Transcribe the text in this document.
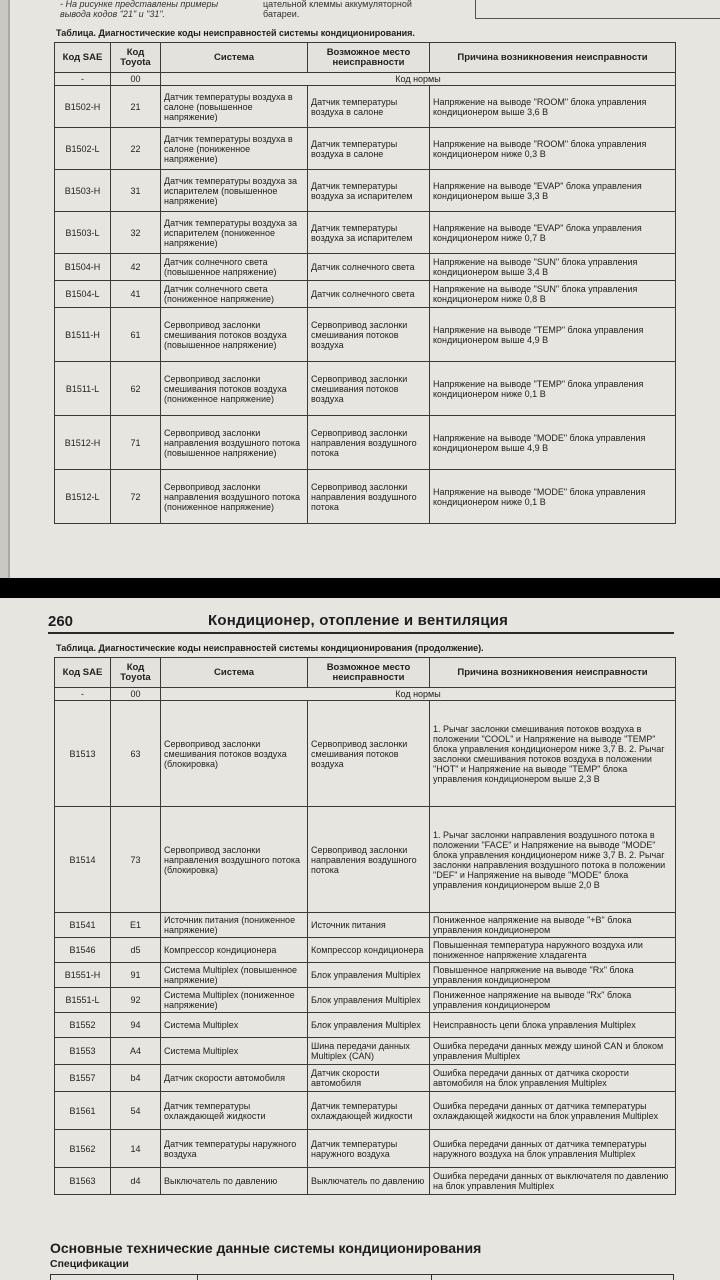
- На рисунке представлены примеры
вывода кодов "21" и "31".
цательной клеммы аккумуляторной
батареи.
Таблица. Диагностические коды неисправностей системы кондиционирования.
Код SAE	Код Toyota	Система	Возможное место неисправности	Причина возникновения неисправности
-	00	Код нормы		
B1502-H	21	Датчик температуры воздуха в салоне (повышенное напряжение)	Датчик температуры воздуха в салоне	Напряжение на выводе "ROOM" блока управления кондиционером выше 3,6 В
B1502-L	22	Датчик температуры воздуха в салоне (пониженное напряжение)	Датчик температуры воздуха в салоне	Напряжение на выводе "ROOM" блока управления кондиционером ниже 0,3 В
B1503-H	31	Датчик температуры воздуха за испарителем (повышенное напряжение)	Датчик температуры воздуха за испарителем	Напряжение на выводе "EVAP" блока управления кондиционером выше 3,3 В
B1503-L	32	Датчик температуры воздуха за испарителем (пониженное напряжение)	Датчик температуры воздуха за испарителем	Напряжение на выводе "EVAP" блока управления кондиционером ниже 0,7 В
B1504-H	42	Датчик солнечного света (повышенное напряжение)	Датчик солнечного света	Напряжение на выводе "SUN" блока управления кондиционером выше 3,4 В
B1504-L	41	Датчик солнечного света (пониженное напряжение)	Датчик солнечного света	Напряжение на выводе "SUN" блока управления кондиционером ниже 0,8 В
B1511-H	61	Сервопривод заслонки смешивания потоков воздуха (повышенное напряжение)	Сервопривод заслонки смешивания потоков воздуха	Напряжение на выводе "TEMP" блока управления кондиционером выше 4,9 В
B1511-L	62	Сервопривод заслонки смешивания потоков воздуха (пониженное напряжение)	Сервопривод заслонки смешивания потоков воздуха	Напряжение на выводе "TEMP" блока управления кондиционером ниже 0,1 В
B1512-H	71	Сервопривод заслонки направления воздушного потока (повышенное напряжение)	Сервопривод заслонки направления воздушного потока	Напряжение на выводе "MODE" блока управления кондиционером выше 4,9 В
B1512-L	72	Сервопривод заслонки направления воздушного потока (пониженное напряжение)	Сервопривод заслонки направления воздушного потока	Напряжение на выводе "MODE" блока управления кондиционером ниже 0,1 В
260	Кондиционер, отопление и вентиляция
Таблица. Диагностические коды неисправностей системы кондиционирования (продолжение).
Код SAE	Код Toyota	Система	Возможное место неисправности	Причина возникновения неисправности
-	00	Код нормы		
B1513	63	Сервопривод заслонки смешивания потоков воздуха (блокировка)	Сервопривод заслонки смешивания потоков воздуха	1. Рычаг заслонки смешивания потоков воздуха в положении "COOL" и Напряжение на выводе "TEMP" блока управления кондиционером ниже 3,7 В. 2. Рычаг заслонки смешивания потоков воздуха в положении "HOT" и Напряжение на выводе "TEMP" блока управления кондиционером выше 2,3 В
B1514	73	Сервопривод заслонки направления воздушного потока (блокировка)	Сервопривод заслонки направления воздушного потока	1. Рычаг заслонки направления воздушного потока в положении "FACE" и Напряжение на выводе "MODE" блока управления кондиционером ниже 3,7 В. 2. Рычаг заслонки направления воздушного потока в положении "DEF" и Напряжение на выводе "MODE" блока управления кондиционером выше 2,0 В
B1541	E1	Источник питания (пониженное напряжение)	Источник питания	Пониженное напряжение на выводе "+B" блока управления кондиционером
B1546	d5	Компрессор кондиционера	Компрессор кондиционера	Повышенная температура наружного воздуха или пониженное напряжение хладагента
B1551-H	91	Система Multiplex (повышенное напряжение)	Блок управления Multiplex	Повышенное напряжение на выводе "Rx" блока управления кондиционером
B1551-L	92	Система Multiplex (пониженное напряжение)	Блок управления Multiplex	Пониженное напряжение на выводе "Rx" блока управления кондиционером
B1552	94	Система Multiplex	Блок управления Multiplex	Неисправность цепи блока управления Multiplex
B1553	A4	Система Multiplex	Шина передачи данных Multiplex (CAN)	Ошибка передачи данных между шиной CAN и блоком управления Multiplex
B1557	b4	Датчик скорости автомобиля	Датчик скорости автомобиля	Ошибка передачи данных от датчика скорости автомобиля на блок управления Multiplex
B1561	54	Датчик температуры охлаждающей жидкости	Датчик температуры охлаждающей жидкости	Ошибка передачи данных от датчика температуры охлаждающей жидкости на блок управления Multiplex
B1562	14	Датчик температуры наружного воздуха	Датчик температуры наружного воздуха	Ошибка передачи данных от датчика температуры наружного воздуха на блок управления Multiplex
B1563	d4	Выключатель по давлению	Выключатель по давлению	Ошибка передачи данных от выключателя по давлению на блок управления Multiplex
Основные технические данные системы кондиционирования
Спецификации
